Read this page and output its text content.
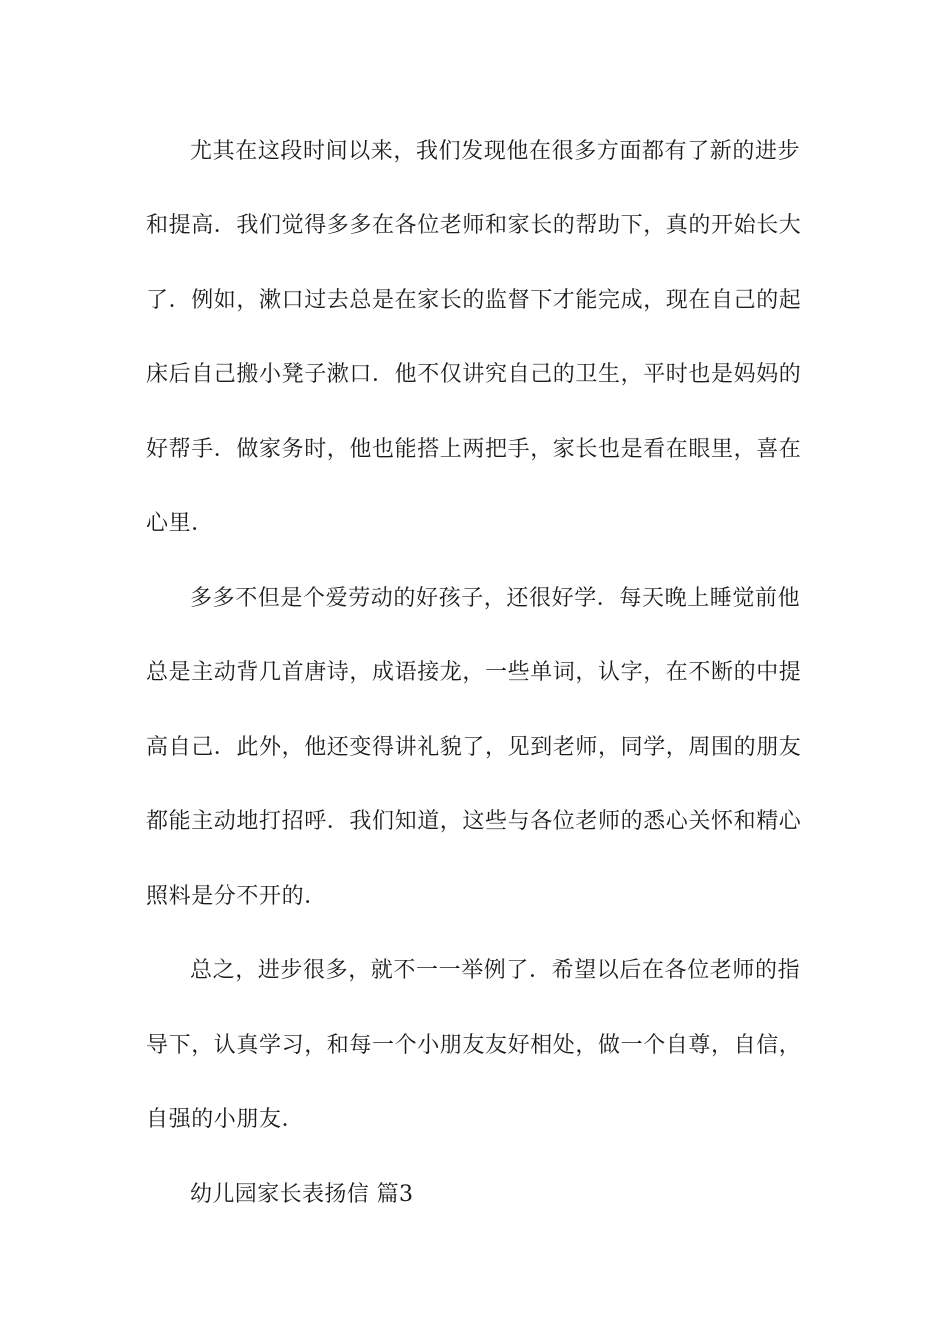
尤其在这段时间以来，我们发现他在很多方面都有了新的进步
和提高．我们觉得多多在各位老师和家长的帮助下，真的开始长大
了．例如，漱口过去总是在家长的监督下才能完成，现在自己的起
床后自己搬小凳子漱口．他不仅讲究自己的卫生，平时也是妈妈的
好帮手．做家务时，他也能搭上两把手，家长也是看在眼里，喜在
心里．
多多不但是个爱劳动的好孩子，还很好学．每天晚上睡觉前他
总是主动背几首唐诗，成语接龙，一些单词，认字，在不断的中提
高自己．此外，他还变得讲礼貌了，见到老师，同学，周围的朋友
都能主动地打招呼．我们知道，这些与各位老师的悉心关怀和精心
照料是分不开的．
总之，进步很多，就不一一举例了．希望以后在各位老师的指
导下，认真学习，和每一个小朋友友好相处，做一个自尊，自信，
自强的小朋友．
幼儿园家长表扬信 篇3
